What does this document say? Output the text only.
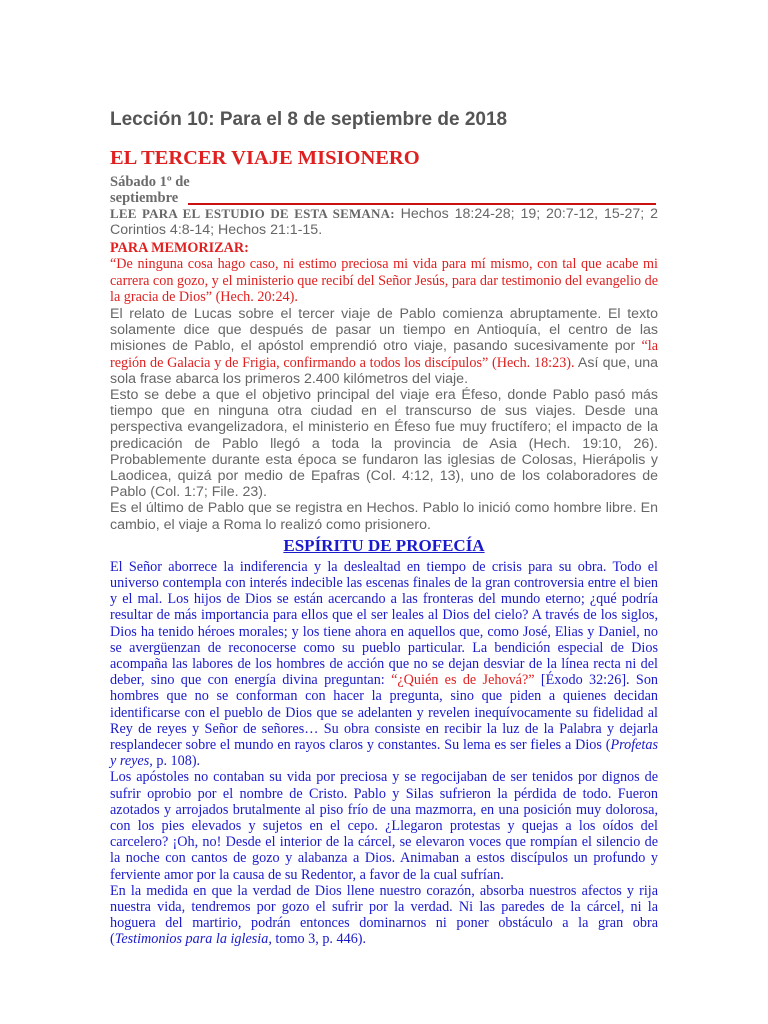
Lección 10: Para el 8 de septiembre de 2018
EL TERCER VIAJE MISIONERO
Sábado 1º de
septiembre

LEE PARA EL ESTUDIO DE ESTA SEMANA: Hechos 18:24-28; 19; 20:7-12, 15-27; 2 Corintios 4:8-14; Hechos 21:1-15.

PARA MEMORIZAR:

“De ninguna cosa hago caso, ni estimo preciosa mi vida para mí mismo, con tal que acabe mi carrera con gozo, y el ministerio que recibí del Señor Jesús, para dar testimonio del evangelio de la gracia de Dios” (Hech. 20:24).

El relato de Lucas sobre el tercer viaje de Pablo comienza abruptamente. El texto solamente dice que después de pasar un tiempo en Antioquía, el centro de las misiones de Pablo, el apóstol emprendió otro viaje, pasando sucesivamente por “la región de Galacia y de Frigia, confirmando a todos los discípulos” (Hech. 18:23). Así que, una sola frase abarca los primeros 2.400 kilómetros del viaje.

Esto se debe a que el objetivo principal del viaje era Éfeso, donde Pablo pasó más tiempo que en ninguna otra ciudad en el transcurso de sus viajes. Desde una perspectiva evangelizadora, el ministerio en Éfeso fue muy fructífero; el impacto de la predicación de Pablo llegó a toda la provincia de Asia (Hech. 19:10, 26). Probablemente durante esta época se fundaron las iglesias de Colosas, Hierápolis y Laodicea, quizá por medio de Epafras (Col. 4:12, 13), uno de los colaboradores de Pablo (Col. 1:7; File. 23).

Es el último de Pablo que se registra en Hechos. Pablo lo inició como hombre libre. En cambio, el viaje a Roma lo realizó como prisionero.

ESPÍRITU DE PROFECÍA

El Señor aborrece la indiferencia y la deslealtad en tiempo de crisis para su obra. Todo el universo contempla con interés indecible las escenas finales de la gran controversia entre el bien y el mal. Los hijos de Dios se están acercando a las fronteras del mundo eterno; ¿qué podría resultar de más importancia para ellos que el ser leales al Dios del cielo? A través de los siglos, Dios ha tenido héroes morales; y los tiene ahora en aquellos que, como José, Elias y Daniel, no se avergüenzan de reconocerse como su pueblo particular. La bendición especial de Dios acompaña las labores de los hombres de acción que no se dejan desviar de la línea recta ni del deber, sino que con energía divina preguntan: “¿Quién es de Jehová?” [Éxodo 32:26]. Son hombres que no se conforman con hacer la pregunta, sino que piden a quienes decidan identificarse con el pueblo de Dios que se adelanten y revelen inequívocamente su fidelidad al Rey de reyes y Señor de señores… Su obra consiste en recibir la luz de la Palabra y dejarla resplandecer sobre el mundo en rayos claros y constantes. Su lema es ser fieles a Dios (Profetas y reyes, p. 108).

Los apóstoles no contaban su vida por preciosa y se regocijaban de ser tenidos por dignos de sufrir oprobio por el nombre de Cristo. Pablo y Silas sufrieron la pérdida de todo. Fueron azotados y arrojados brutalmente al piso frío de una mazmorra, en una posición muy dolorosa, con los pies elevados y sujetos en el cepo. ¿Llegaron protestas y quejas a los oídos del carcelero? ¡Oh, no! Desde el interior de la cárcel, se elevaron voces que rompían el silencio de la noche con cantos de gozo y alabanza a Dios. Animaban a estos discípulos un profundo y ferviente amor por la causa de su Redentor, a favor de la cual sufrían.

En la medida en que la verdad de Dios llene nuestro corazón, absorba nuestros afectos y rija nuestra vida, tendremos por gozo el sufrir por la verdad. Ni las paredes de la cárcel, ni la hoguera del martirio, podrán entonces dominarnos ni poner obstáculo a la gran obra (Testimonios para la iglesia, tomo 3, p. 446).
